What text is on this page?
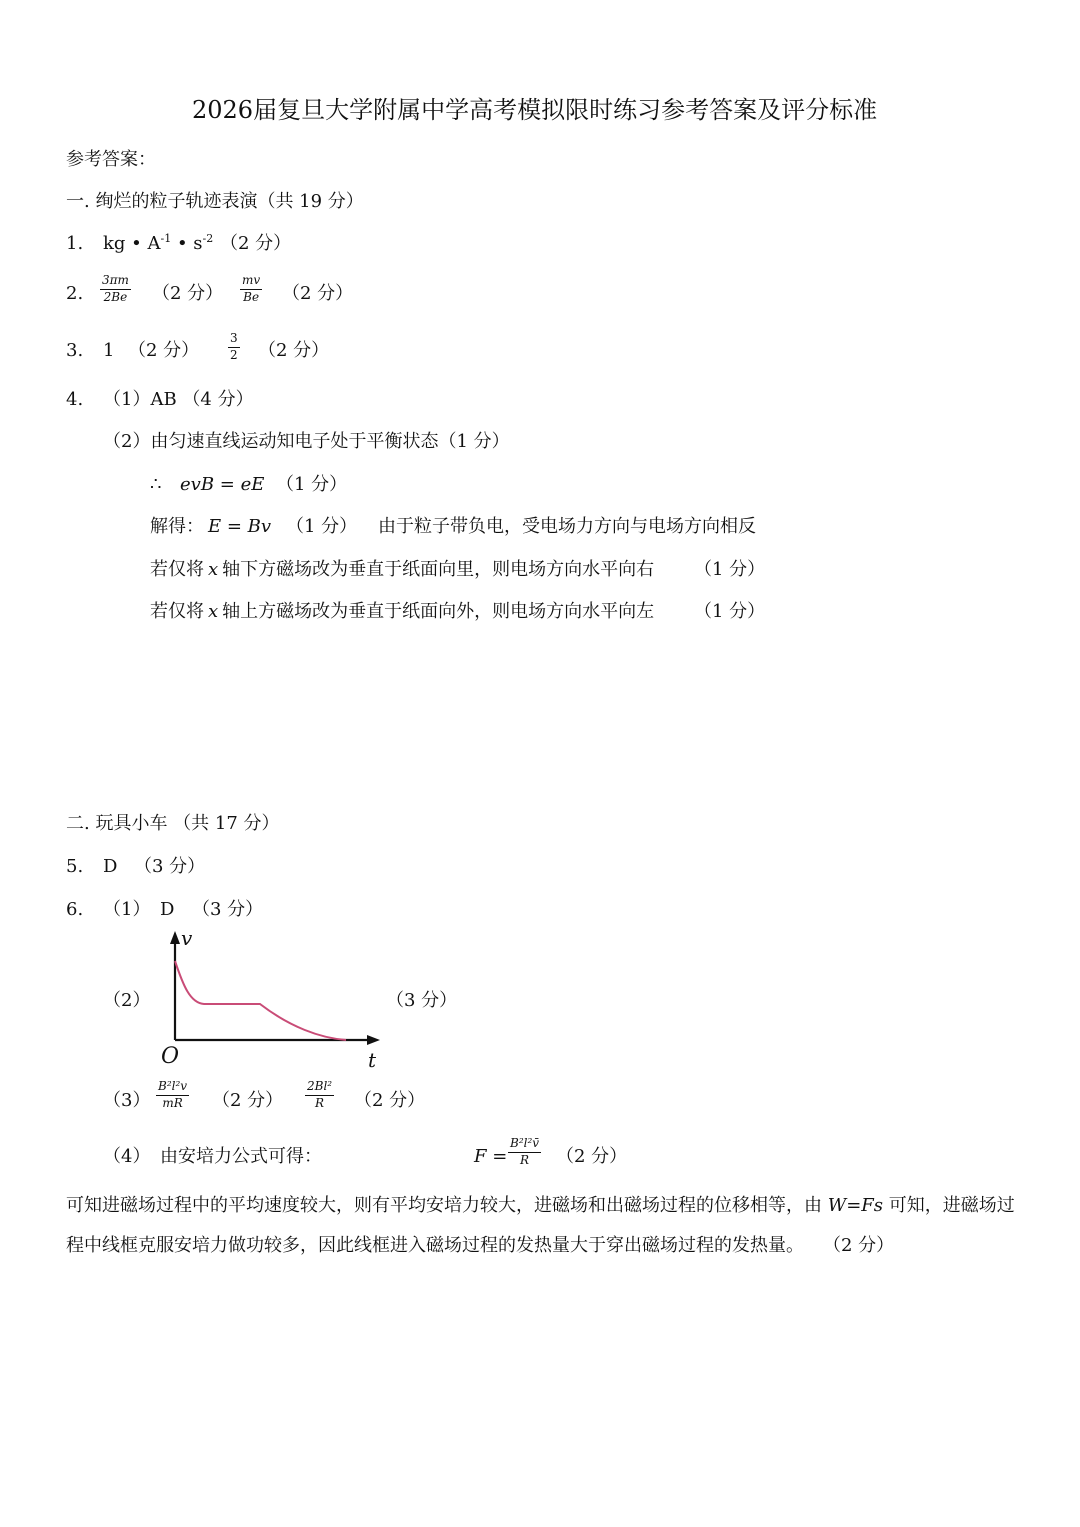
2026届复旦大学附属中学高考模拟限时练习参考答案及评分标准
参考答案：
一. 绚烂的粒子轨迹表演（共 19 分）
1. kg • $A^{-1}$ • $s^{-2}$ （2 分）
2. $\frac{3\pi m}{2Be} (2$ 分） $\frac{mv}{Be} (2$ 分）
3. 1 （2 分） $\frac{3}{2} (2$ 分）
4. （1）AB （4 分）
（2）由匀速直线运动知电子处于平衡状态（1 分）
∴ evB = eE （1 分）
解得： E = Bv （1 分） 由于粒子带负电，受电场力方向与电场方向相反
若仅将 x 轴下方磁场改为垂直于纸面向里，则电场方向水平向右 （1 分）
若仅将 x 轴上方磁场改为垂直于纸面向外，则电场方向水平向左 （1 分）
二. 玩具小车 （共 17 分）
5. D （3 分）
6. （1） D （3 分）
（2）
v
t
O
（3 分）
$(3) \frac{\text{B²l²v}}{mR} (2$ 分） $\frac{\text{2Bl²}}{R} (2$ 分）
（4） 由安培力公式可得：	$F = \frac{\text{B²l²v̄}}{R} (2$ 分）
可知进磁场过程中的平均速度较大，则有平均安培力较大，进磁场和出磁场过程的位移相等，由 W=Fs 可知，进磁场过程中线框克服安培力做功较多，因此线框进入磁场过程的发热量大于穿出磁场过程的发热量。 （2 分）
